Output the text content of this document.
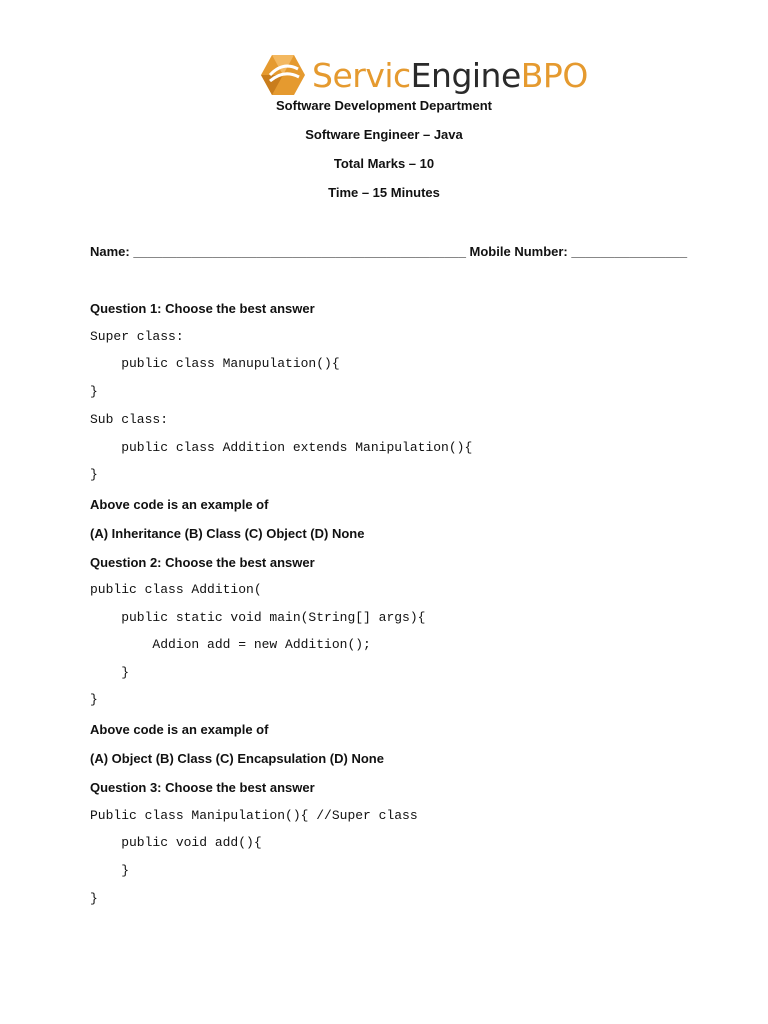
ServicEngineBPO
Software Development Department
Software Engineer – Java
Total Marks – 10
Time – 15 Minutes
Name: ______________________________________________ Mobile Number: ________________
Question 1: Choose the best answer
Super class:
public class Manupulation(){
}
Sub class:
public class Addition extends Manipulation(){
}
Above code is an example of
(A) Inheritance (B) Class (C) Object (D) None
Question 2: Choose the best answer
public class Addition(
public static void main(String[] args){
Addion add = new Addition();
}
}
Above code is an example of
(A) Object (B) Class (C) Encapsulation (D) None
Question 3: Choose the best answer
Public class Manipulation(){ //Super class
public void add(){
}
}
